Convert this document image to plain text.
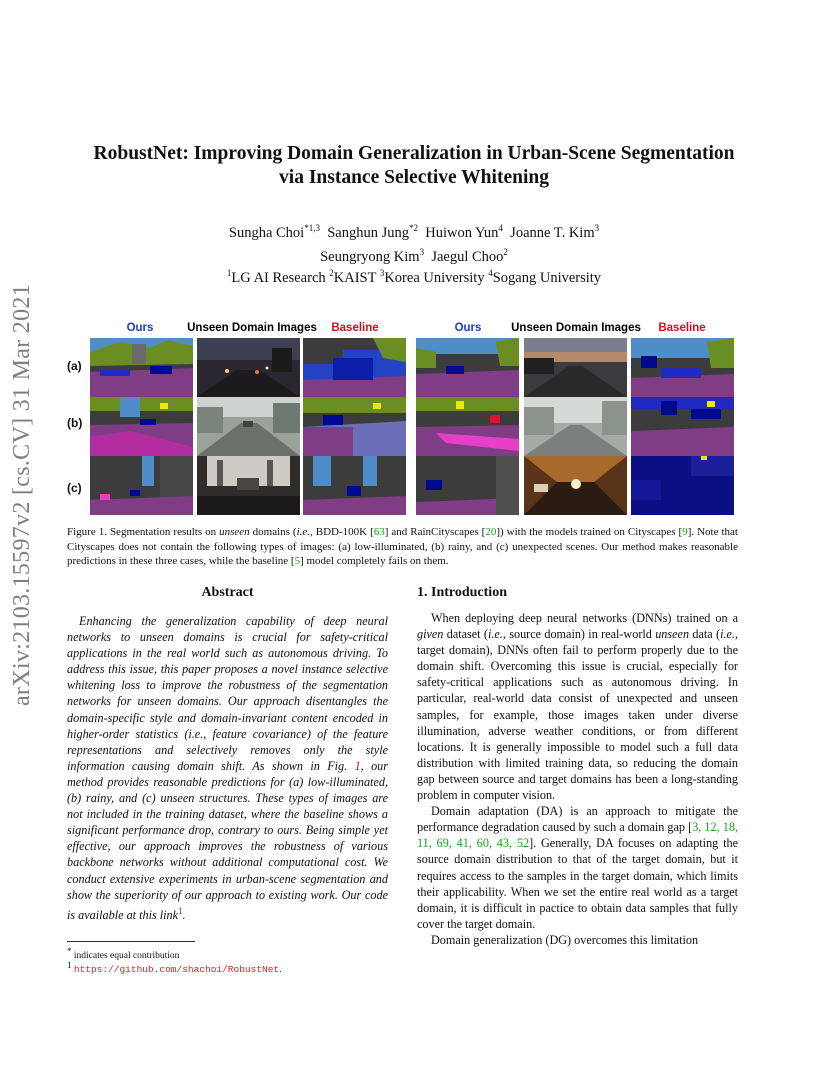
arXiv:2103.15597v2 [cs.CV] 31 Mar 2021
RobustNet: Improving Domain Generalization in Urban-Scene Segmentation via Instance Selective Whitening
Sungha Choi$^{*1,3}$ Sanghun Jung$^{*2}$ Huiwon Yun$^4$ Joanne T. Kim$^3$
Seungryong Kim$^3$ Jaegul Choo$^2$
$^1$LG AI Research $^2$KAIST $^3$Korea University $^4$Sogang University
Ours	Unseen Domain Images	Baseline	Ours	Unseen Domain Images	Baseline
(a)
(b)
(c)
Figure 1. Segmentation results on unseen domains (i.e., BDD-100K [63] and RainCityscapes [20]) with the models trained on Cityscapes [9]. Note that Cityscapes does not contain the following types of images: (a) low-illuminated, (b) rainy, and (c) unexpected scenes. Our method makes reasonable predictions in these three cases, while the baseline [5] model completely fails on them.
Abstract
Enhancing the generalization capability of deep neural networks to unseen domains is crucial for safety-critical applications in the real world such as autonomous driving. To address this issue, this paper proposes a novel instance selective whitening loss to improve the robustness of the segmentation networks for unseen domains. Our approach disentangles the domain-specific style and domain-invariant content encoded in higher-order statistics (i.e., feature covariance) of the feature representations and selectively removes only the style information causing domain shift. As shown in Fig. 1, our method provides reasonable predictions for (a) low-illuminated, (b) rainy, and (c) unseen structures. These types of images are not included in the training dataset, where the baseline shows a significant performance drop, contrary to ours. Being simple yet effective, our approach improves the robustness of various backbone networks without additional computational cost. We conduct extensive experiments in urban-scene segmentation and show the superiority of our approach to existing work. Our code is available at this link$^1$.
* indicates equal contribution
$^1$ https://github.com/shachoi/RobustNet.
1. Introduction

When deploying deep neural networks (DNNs) trained on a given dataset (i.e., source domain) in real-world unseen data (i.e., target domain), DNNs often fail to perform properly due to the domain shift. Overcoming this issue is crucial, especially for safety-critical applications such as autonomous driving. In particular, real-world data consist of unexpected and unseen samples, for example, those images taken under diverse illumination, adverse weather conditions, or from different locations. It is generally impossible to model such a full data distribution with limited training data, so reducing the domain gap between source and target domains has been a long-standing problem in computer vision.

Domain adaptation (DA) is an approach to mitigate the performance degradation caused by such a domain gap [3, 12, 18, 11, 69, 41, 60, 43, 52]. Generally, DA focuses on adapting the source domain distribution to that of the target domain, but it requires access to the samples in the target domain, which limits their applicability. When we set the entire real world as a target domain, it is difficult in pactice to obtain data samples that fully cover the target domain.

Domain generalization (DG) overcomes this limitation
